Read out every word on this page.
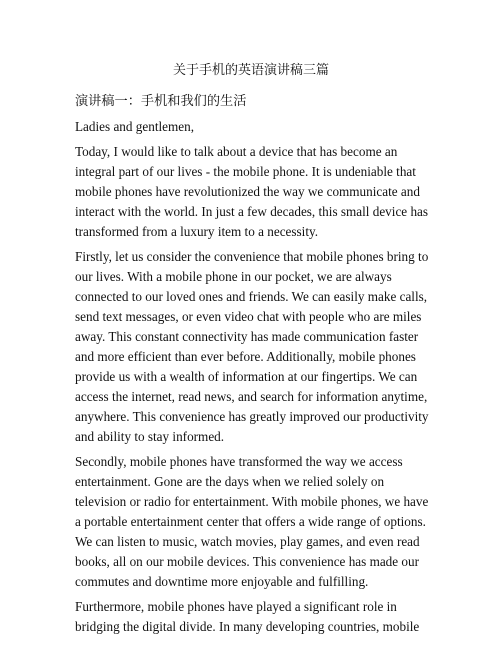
关于手机的英语演讲稿三篇
演讲稿一：手机和我们的生活
Ladies and gentlemen,
Today, I would like to talk about a device that has become an
integral part of our lives - the mobile phone. It is undeniable that
mobile phones have revolutionized the way we communicate and
interact with the world. In just a few decades, this small device has
transformed from a luxury item to a necessity.
Firstly, let us consider the convenience that mobile phones bring to
our lives. With a mobile phone in our pocket, we are always
connected to our loved ones and friends. We can easily make calls,
send text messages, or even video chat with people who are miles
away. This constant connectivity has made communication faster
and more efficient than ever before. Additionally, mobile phones
provide us with a wealth of information at our fingertips. We can
access the internet, read news, and search for information anytime,
anywhere. This convenience has greatly improved our productivity
and ability to stay informed.
Secondly, mobile phones have transformed the way we access
entertainment. Gone are the days when we relied solely on
television or radio for entertainment. With mobile phones, we have
a portable entertainment center that offers a wide range of options.
We can listen to music, watch movies, play games, and even read
books, all on our mobile devices. This convenience has made our
commutes and downtime more enjoyable and fulfilling.
Furthermore, mobile phones have played a significant role in
bridging the digital divide. In many developing countries, mobile
